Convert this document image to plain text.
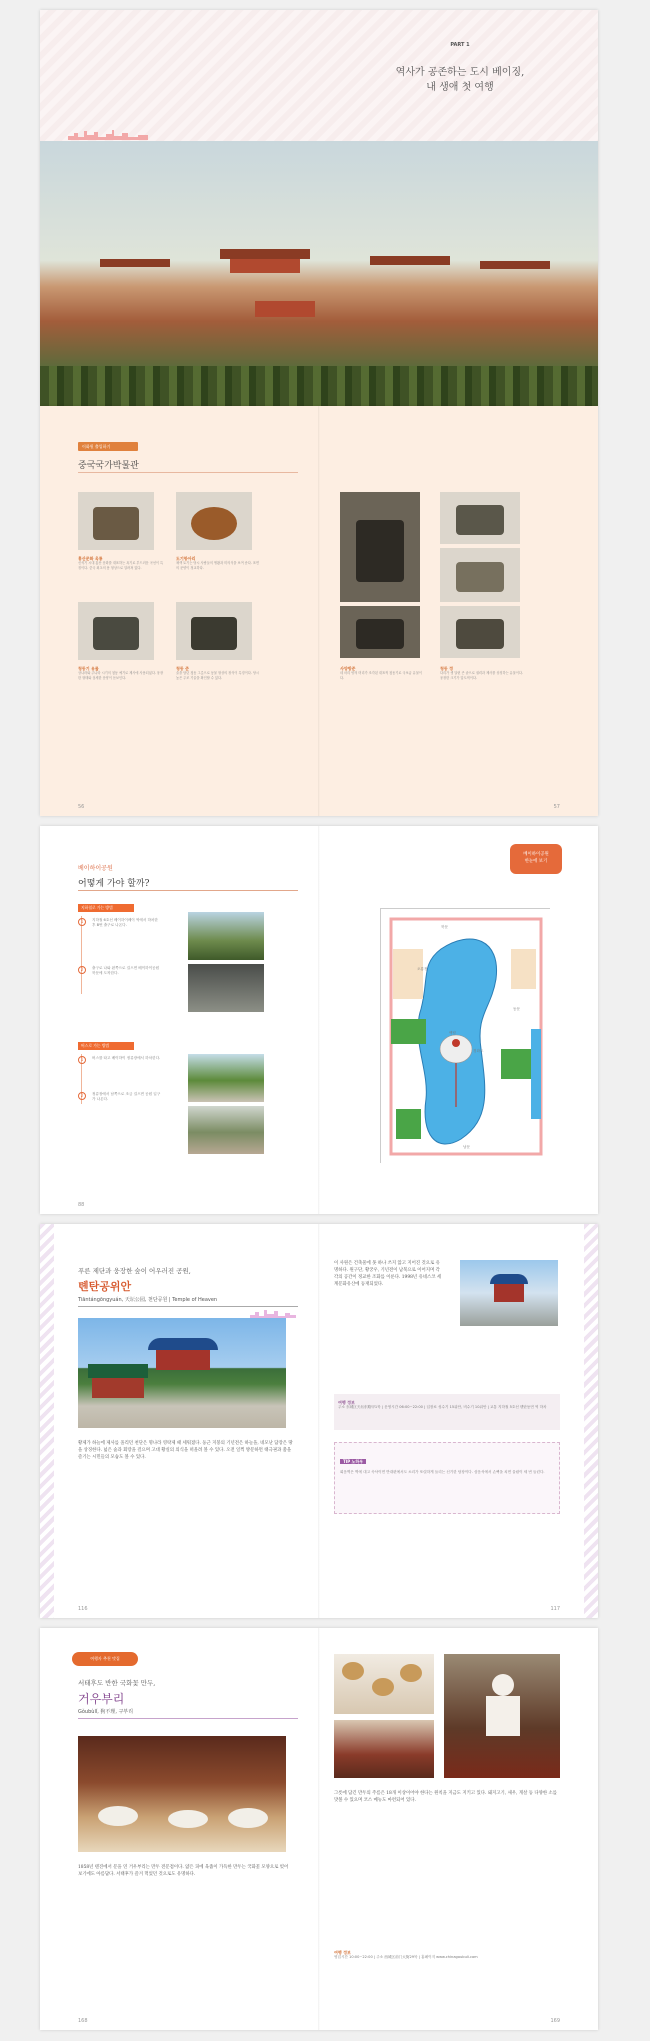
PART 1
역사가 공존하는 도시 베이징,
내 생애 첫 여행
이화원 출입하기
중국국가박물관
홍산문화 옥룡
신석기 시대 홍산 문화를 대표하는 옥기로 부드러운 곡선이 특징이다. 중국 최초의 용 형상으로 알려져 있다.
도기항아리
채색 토기는 당시 사람들의 생활과 미의식을 보여 준다. 표면의 문양이 정교하다.
청동기 유물
상나라와 주나라 시기의 청동 예기로 제사에 사용되었다. 웅장한 형태와 섬세한 문양이 돋보인다.
청동 준
술을 담던 청동 그릇으로 동물 형상의 장식이 특징이다. 당시 높은 주조 기술을 확인할 수 있다.
사양방준
네 마리 양의 머리가 조각된 대표적 청동기로 국보급 유물이다.
청동 정
다리가 셋 달린 큰 솥으로 권력과 제사를 상징하는 유물이다. 웅장한 크기가 압도적이다.
56	57
베이하이공원
어떻게 가야 할까?
베이하이공원
한눈에 보기
지하철로 가는 방법
1	지하철 6호선 베이하이베이 역에서 하차한 후 B번 출구로 나온다.
2	출구로 나와 왼쪽으로 걸으면 베이하이공원 북문에 도착한다.
버스로 가는 방법
1	버스를 타고 베이하이 정류장에서 하차한다.
2	정류장에서 남쪽으로 조금 걸으면 공원 입구가 나온다.
북문
오룡정
경화도
백탑
남문
동문
88
푸른 제단과 웅장한 숲이 어우러진 공원,
톈탄공위안
Tiāntángōngyuán, 天坛公园, 천단공원 | Temple of Heaven
황제가 하늘에 제사를 올리던 천단은 명나라 영락제 때 세워졌다. 둥근 지붕의 기년전은 하늘을, 네모난 담장은 땅을 상징한다. 넓은 숲과 회랑을 걸으며 고대 황실의 의식을 떠올려 볼 수 있다. 오전 일찍 방문하면 태극권과 춤을 즐기는 시민들의 모습도 볼 수 있다.
이 사원은 건축물에 못 하나 쓰지 않고 지어진 것으로 유명하다. 원구단, 황궁우, 기년전이 남북으로 이어지며 각각의 공간이 정교한 조화를 이룬다. 1998년 유네스코 세계문화유산에 등재되었다.
여행 정보
주소 东城区天坛东路甲1号 | 운영시간 06:00~22:00 | 입장료 성수기 15위안, 비수기 10위안 | 교통 지하철 5호선 톈탄둥먼 역 하차
TIP 노하우
회음벽은 벽에 대고 속삭이면 반대편에서도 소리가 또렷하게 들리는 신기한 담장이다. 삼음석에서 손뼉을 치면 울림이 세 번 들린다.
116	117
여행자 추천 맛집
서태후도 반한 국화꽃 만두,
거우부리
Gǒubùlǐ, 狗不理, 구부리
1858년 텐진에서 문을 연 거우부리는 만두 전문점이다. 얇은 피에 육즙이 가득한 만두는 국화꽃 모양으로 빚어 보기에도 아름답다. 서태후가 즐겨 먹었던 것으로도 유명하다.
그릇에 담긴 만두의 주름은 18개 이상이어야 한다는 원칙을 지금도 지키고 있다. 돼지고기, 새우, 게살 등 다양한 소를 맛볼 수 있으며 코스 메뉴도 마련되어 있다.
여행 정보
영업시간 10:00~22:00 | 주소 西城区前门大街29号 | 홈페이지 www.chinagoubuli.com
168	169
